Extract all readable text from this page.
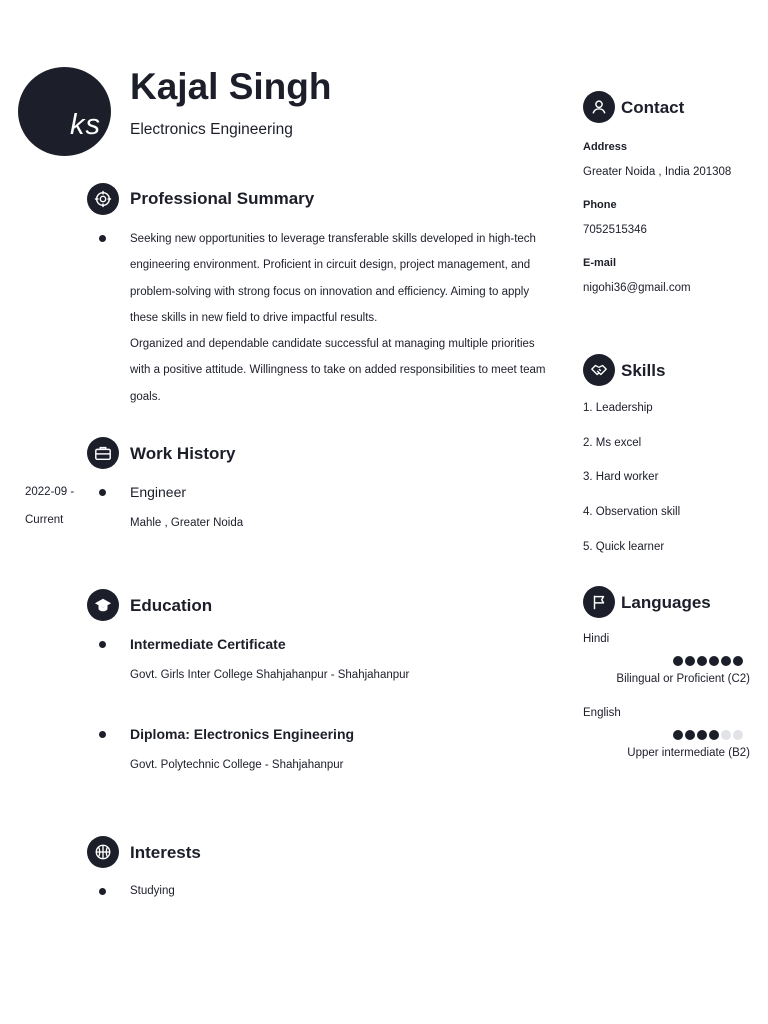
ks
Kajal Singh
Electronics Engineering
Professional Summary

Seeking new opportunities to leverage transferable skills developed in high-tech engineering environment. Proficient in circuit design, project management, and problem-solving with strong focus on innovation and efficiency. Aiming to apply these skills in new field to drive impactful results.

Organized and dependable candidate successful at managing multiple priorities with a positive attitude. Willingness to take on added responsibilities to meet team goals.

Work History
2022-09 -
Current
Engineer
Mahle , Greater Noida
Education
Intermediate Certificate
Govt. Girls Inter College Shahjahanpur - Shahjahanpur
Diploma: Electronics Engineering
Govt. Polytechnic College - Shahjahanpur
Interests
Studying
Contact
Address
Greater Noida , India 201308
Phone
7052515346
E-mail
nigohi36@gmail.com
Skills
1. Leadership
2. Ms excel
3. Hard worker
4. Observation skill
5. Quick learner
Languages
Hindi
Bilingual or Proficient (C2)
English
Upper intermediate (B2)
